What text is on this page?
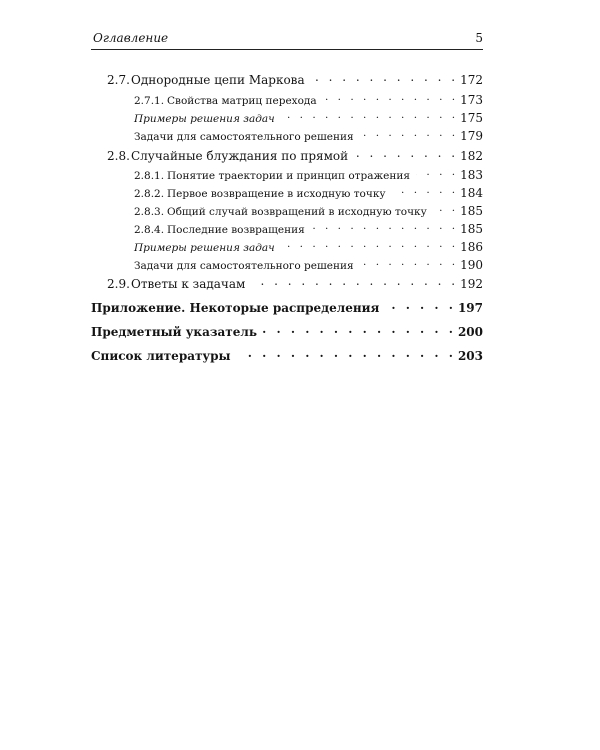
Оглавление	5
2.7.Однородные цепи Маркова . . .	172
2.7.1. Свойства матриц перехода . . .	173
Примеры решения задач . . .	175
Задачи для самостоятельного решения . . .	179
2.8.Случайные блуждания по прямой . . .	182
2.8.1. Понятие траектории и принцип отражения . . .	183
2.8.2. Первое возвращение в исходную точку . . .	184
2.8.3. Общий случай возвращений в исходную точку . . .	185
2.8.4. Последние возвращения . . .	185
Примеры решения задач . . .	186
Задачи для самостоятельного решения . . .	190
2.9.Ответы к задачам . . .	192
Приложение. Некоторые распределения . . .	197
Предметный указатель . . .	200
Список литературы . . .	203
